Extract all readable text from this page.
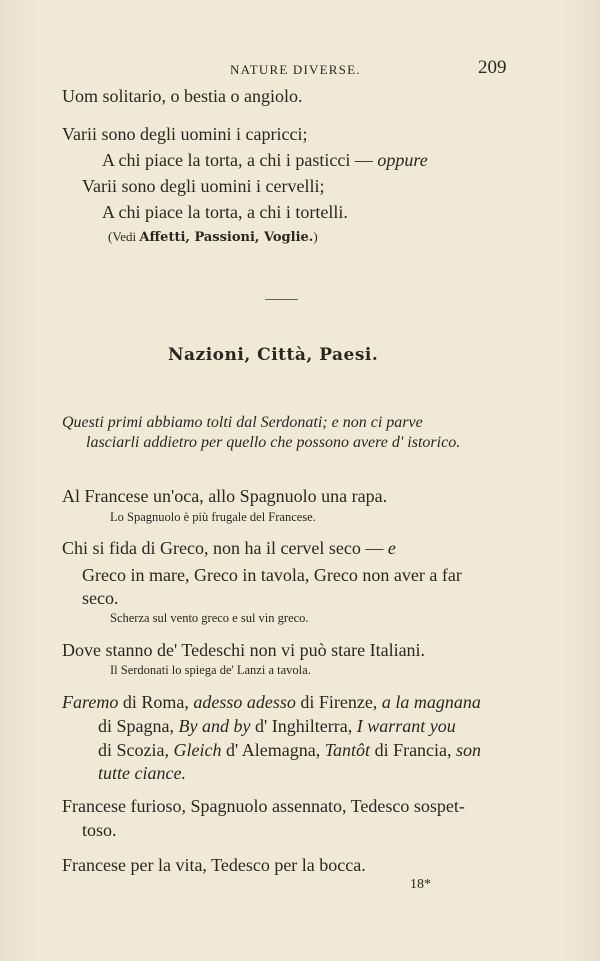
NATURE DIVERSE.	209
Uom solitario, o bestia o angiolo.
Varii sono degli uomini i capricci;
A chi piace la torta, a chi i pasticci — oppure
Varii sono degli uomini i cervelli;
A chi piace la torta, a chi i tortelli.
(Vedi Affetti, Passioni, Voglie.)
Nazioni, Città, Paesi.
Questi primi abbiamo tolti dal Serdonati; e non ci parve
lasciarli addietro per quello che possono avere d' istorico.
Al Francese un'oca, allo Spagnuolo una rapa.
Lo Spagnuolo è più frugale del Francese.
Chi si fida di Greco, non ha il cervel seco — e
Greco in mare, Greco in tavola, Greco non aver a far
seco.
Scherza sul vento greco e sul vin greco.
Dove stanno de' Tedeschi non vi può stare Italiani.
Il Serdonati lo spiega de' Lanzi a tavola.
Faremo di Roma, adesso adesso di Firenze, a la magnana
di Spagna, By and by d' Inghilterra, I warrant you
di Scozia, Gleich d' Alemagna, Tantôt di Francia, son
tutte ciance.
Francese furioso, Spagnuolo assennato, Tedesco sospet-
toso.
Francese per la vita, Tedesco per la bocca.
18*
